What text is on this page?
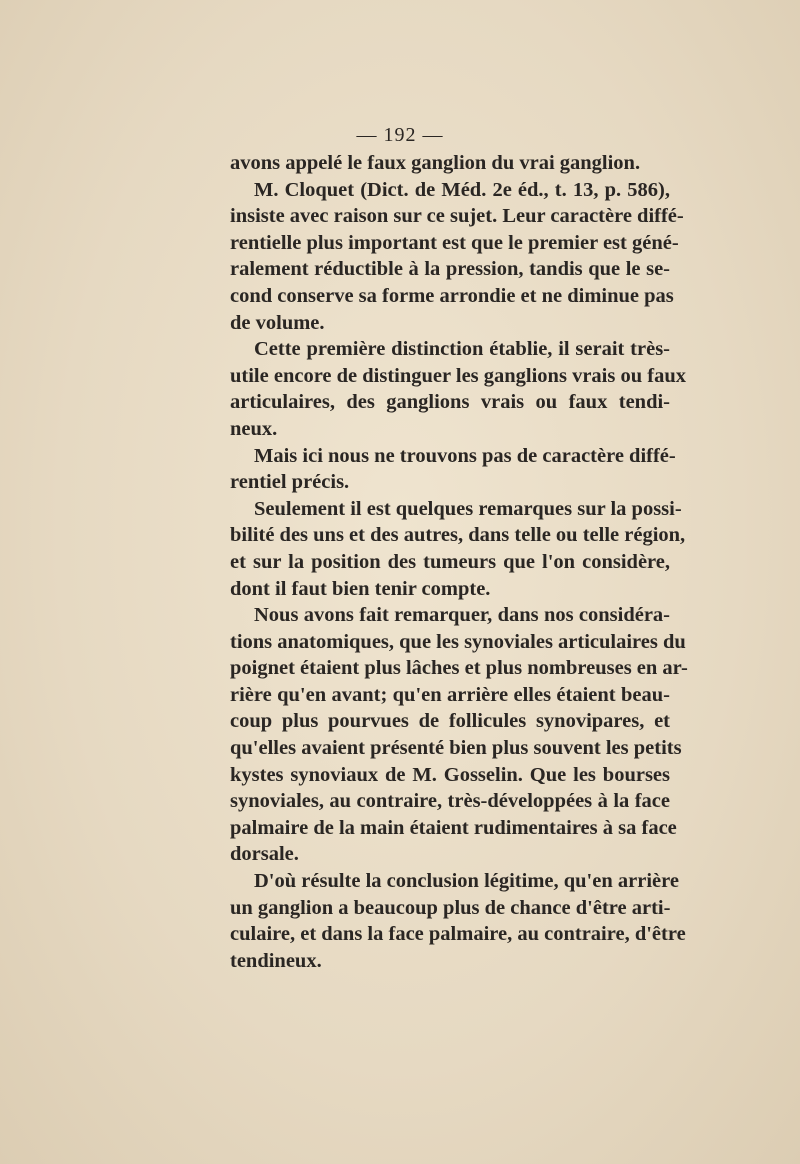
— 192 —

avons appelé le faux ganglion du vrai ganglion.

M. Cloquet (Dict. de Méd. 2e éd., t. 13, p. 586),
insiste avec raison sur ce sujet. Leur caractère diffé-
rentielle plus important est que le premier est géné-
ralement réductible à la pression, tandis que le se-
cond conserve sa forme arrondie et ne diminue pas
de volume.

Cette première distinction établie, il serait très-
utile encore de distinguer les ganglions vrais ou faux
articulaires, des ganglions vrais ou faux tendi-
neux.

Mais ici nous ne trouvons pas de caractère diffé-
rentiel précis.

Seulement il est quelques remarques sur la possi-
bilité des uns et des autres, dans telle ou telle région,
et sur la position des tumeurs que l'on considère,
dont il faut bien tenir compte.

Nous avons fait remarquer, dans nos considéra-
tions anatomiques, que les synoviales articulaires du
poignet étaient plus lâches et plus nombreuses en ar-
rière qu'en avant; qu'en arrière elles étaient beau-
coup plus pourvues de follicules synovipares, et
qu'elles avaient présenté bien plus souvent les petits
kystes synoviaux de M. Gosselin. Que les bourses
synoviales, au contraire, très-développées à la face
palmaire de la main étaient rudimentaires à sa face
dorsale.

D'où résulte la conclusion légitime, qu'en arrière
un ganglion a beaucoup plus de chance d'être arti-
culaire, et dans la face palmaire, au contraire, d'être
tendineux.
